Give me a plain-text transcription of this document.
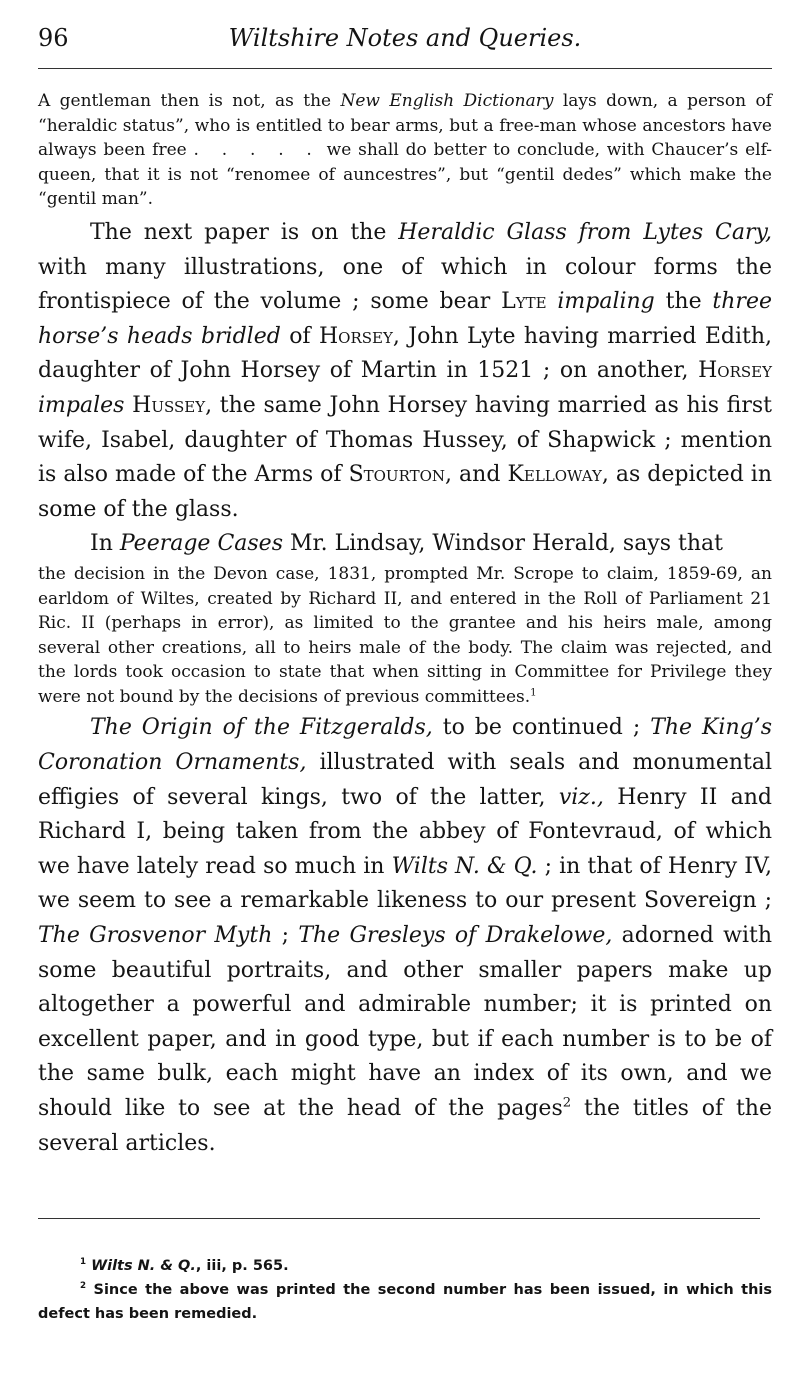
96	Wiltshire Notes and Queries.

A gentleman then is not, as the New English Dictionary lays down, a person of “heraldic status”, who is entitled to bear arms, but a free-man whose ancestors have always been free . . . . . we shall do better to conclude, with Chaucer’s elf-queen, that it is not “renomee of auncestres”, but “gentil dedes” which make the “gentil man”.

The next paper is on the Heraldic Glass from Lytes Cary, with many illustrations, one of which in colour forms the frontispiece of the volume ; some bear Lyte impaling the three horse’s heads bridled of Horsey, John Lyte having married Edith, daughter of John Horsey of Martin in 1521 ; on another, Horsey impales Hussey, the same John Horsey having married as his first wife, Isabel, daughter of Thomas Hussey, of Shapwick ; mention is also made of the Arms of Stourton, and Kelloway, as depicted in some of the glass.

In Peerage Cases Mr. Lindsay, Windsor Herald, says that

the decision in the Devon case, 1831, prompted Mr. Scrope to claim, 1859-69, an earldom of Wiltes, created by Richard II, and entered in the Roll of Parliament 21 Ric. II (perhaps in error), as limited to the grantee and his heirs male, among several other creations, all to heirs male of the body. The claim was rejected, and the lords took occasion to state that when sitting in Committee for Privilege they were not bound by the decisions of previous committees.$^1$

The Origin of the Fitzgeralds, to be continued ; The King’s Coronation Ornaments, illustrated with seals and monumental effigies of several kings, two of the latter, viz., Henry II and Richard I, being taken from the abbey of Fontevraud, of which we have lately read so much in Wilts N. & Q. ; in that of Henry IV, we seem to see a remarkable likeness to our present Sovereign ; The Grosvenor Myth ; The Gresleys of Drakelowe, adorned with some beautiful portraits, and other smaller papers make up altogether a powerful and admirable number; it is printed on excellent paper, and in good type, but if each number is to be of the same bulk, each might have an index of its own, and we should like to see at the head of the pages$^2$ the titles of the several articles.

$^1$ Wilts N. & Q., iii, p. 565.

$^2$ Since the above was printed the second number has been issued, in which this defect has been remedied.
